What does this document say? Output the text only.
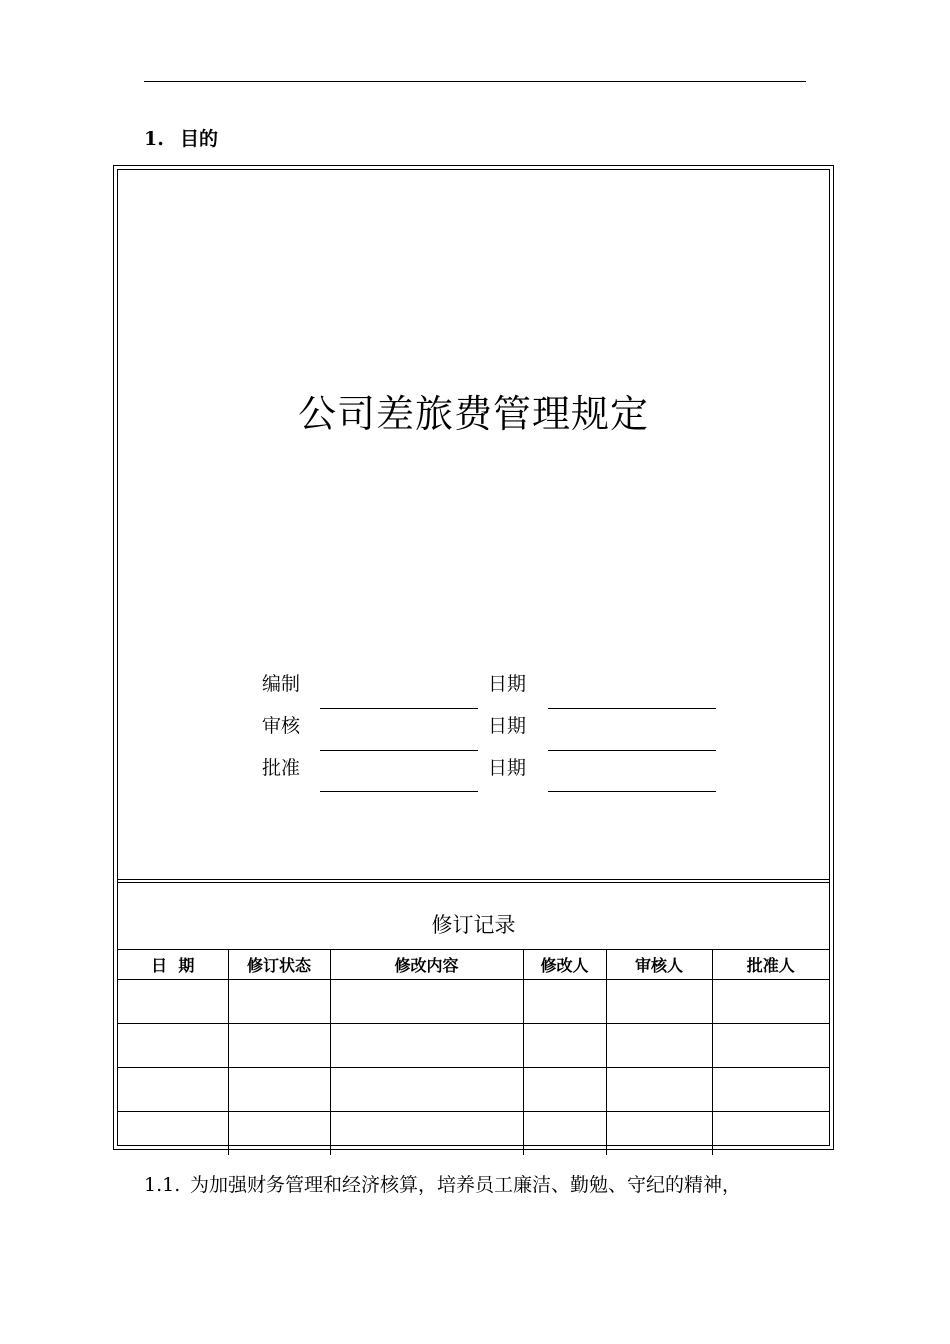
1. 目的
公司差旅费管理规定
编制	日期
审核	日期
批准	日期
修订记录
日  期	修订状态	修改内容	修改人	审核人	批准人

1.1. 为加强财务管理和经济核算，培养员工廉洁、勤勉、守纪的精神，
